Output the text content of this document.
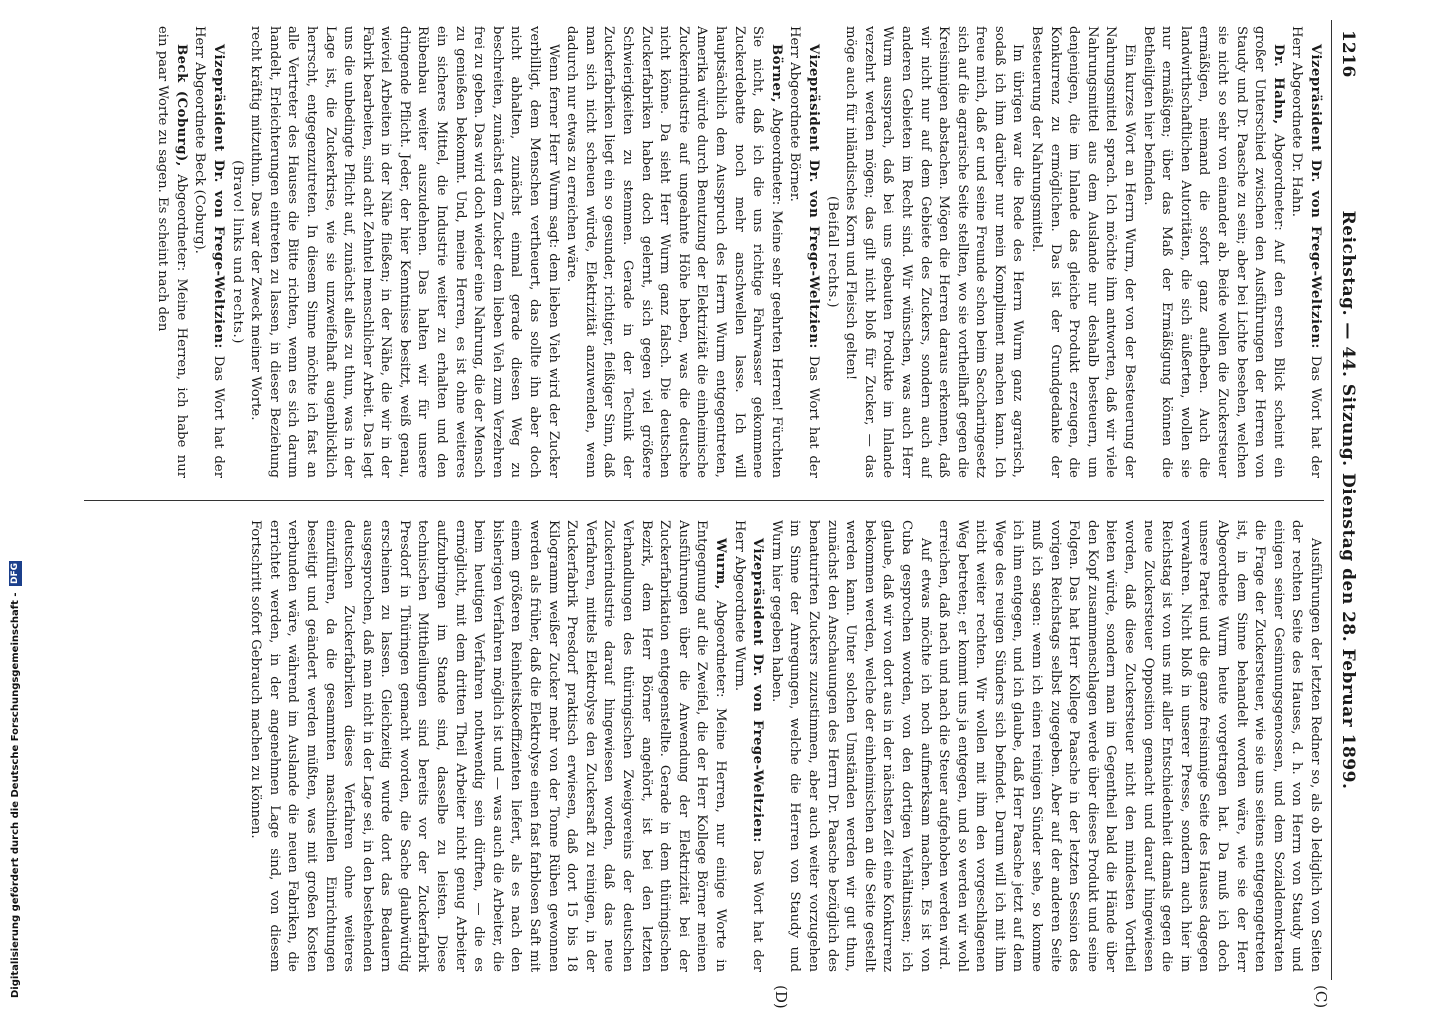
1216
Reichstag. — 44. Sitzung. Dienstag den 28. Februar 1899.
(C)
(D)

Vizepräsident Dr. von Frege-Weltzien: Das Wort hat der Herr Abgeordnete Dr. Hahn.

Dr. Hahn, Abgeordneter: Auf den ersten Blick scheint ein großer Unterschied zwischen den Ausführungen der Herren von Staudy und Dr. Paasche zu sein; aber bei Lichte besehen, welchen sie nicht so sehr von einander ab. Beide wollen die Zuckersteuer ermäßigen, niemand die sofort ganz aufheben. Auch die landwirthschaftlichen Autoritäten, die sich äußerten, wollen sie nur ermäßigen; über das Maß der Ermäßigung können die Betheiligten hier befinden.

Ein kurzes Wort an Herrn Wurm, der von der Besteuerung der Nahrungsmittel sprach. Ich möchte ihm antworten, daß wir viele Nahrungsmittel aus dem Auslande nur deshalb besteuern, um denjenigen, die im Inlande das gleiche Produkt erzeugen, die Konkurrenz zu ermöglichen. Das ist der Grundgedanke der Besteuerung der Nahrungsmittel.

Im übrigen war die Rede des Herrn Wurm ganz agrarisch, sodaß ich ihm darüber nur mein Kompliment machen kann. Ich freue mich, daß er und seine Freunde schon beim Saccharingesetz sich auf die agrarische Seite stellten, wo sie vortheilhaft gegen die Kreisinnigen abstachen. Mögen die Herren daraus erkennen, daß wir nicht nur auf dem Gebiete des Zuckers, sondern auch auf anderen Gebieten im Recht sind. Wir wünschen, was auch Herr Wurm aussprach, daß bei uns gebauten Produkte im Inlande verzehrt werden mögen; das gilt nicht bloß für Zucker, — das möge auch für inländisches Korn und Fleisch gelten!

(Beifall rechts.)

Vizepräsident Dr. von Frege-Weltzien: Das Wort hat der Herr Abgeordnete Börner.

Börner, Abgeordneter: Meine sehr geehrten Herren! Fürchten Sie nicht, daß ich die uns richtige Fahrwasser gekommene Zuckerdebatte noch mehr anschwellen lasse. Ich will hauptsächlich dem Ausspruch des Herrn Wurm entgegentreten, Amerika würde durch Benutzung der Elektrizität die einheimische Zuckerindustrie auf ungeahnte Höhe heben, was die deutsche nicht könne. Da sieht Herr Wurm ganz falsch. Die deutschen Zuckerfabriken haben doch gelernt, sich gegen viel größere Schwierigkeiten zu stemmen. Gerade in der Technik der Zuckerfabriken liegt ein so gesunder, richtiger, fleißiger Sinn, daß man sich nicht scheuen würde, Elektrizität anzuwenden, wenn dadurch nur etwas zu erreichen wäre.

Wenn ferner Herr Wurm sagt: dem lieben Vieh wird der Zucker verbilligt, dem Menschen vertheuert, das sollte ihn aber doch nicht abhalten, zunächst einmal gerade diesen Weg zu beschreiten, zunächst dem Zucker dem lieben Vieh zum Verzehren frei zu geben. Das wird doch wieder eine Nahrung, die der Mensch zu genießen bekommt. Und, meine Herren, es ist ohne weiteres ein sicheres Mittel, die Industrie weiter zu erhalten und den Rübenbau weiter auszudehnen. Das halten wir für unsere dringende Pflicht. Jeder, der hier Kenntnisse besitzt, weiß genau, wieviel Arbeiten in der Nähe fließen; in der Nähe, die wir in der Fabrik bearbeiten, sind acht Zehntel menschlicher Arbeit. Das legt uns die unbedingte Pflicht auf, zunächst alles zu thun, was in der Lage ist, die Zuckerkrise, wie sie unzweifelhaft augenblicklich herrscht, entgegenzutreten. In diesem Sinne möchte ich fast an alle Vertreter des Hauses die Bitte richten, wenn es sich darum handelt, Erleichterungen eintreten zu lassen, in dieser Beziehung recht kräftig mitzuthun. Das war der Zweck meiner Worte.

(Bravo! links und rechts.)

Vizepräsident Dr. von Frege-Weltzien: Das Wort hat der Herr Abgeordnete Beck (Coburg).

Beck (Coburg), Abgeordneter: Meine Herren, ich habe nur ein paar Worte zu sagen. Es scheint nach den

Ausführungen der letzten Redner so, als ob lediglich von Seiten der rechten Seite des Hauses, d. h. von Herrn von Staudy und einigen seiner Gesinnungsgenossen, und dem Sozialdemokraten die Frage der Zuckersteuer, wie sie uns seitens entgegengetreten ist, in dem Sinne behandelt worden wäre, wie sie der Herr Abgeordnete Wurm heute vorgetragen hat. Da muß ich doch unsere Partei und die ganze freisinnige Seite des Hauses dagegen verwahren. Nicht bloß in unserer Presse, sondern auch hier im Reichstag ist von uns mit aller Entschiedenheit damals gegen die neue Zuckersteuer Opposition gemacht und darauf hingewiesen worden, daß diese Zuckersteuer nicht den mindesten Vortheil bieten würde, sondern man im Gegentheil bald die Hände über den Kopf zusammenschlagen werde über dieses Produkt und seine Folgen. Das hat Herr Kollege Paasche in der letzten Session des vorigen Reichstags selbst zugegeben. Aber auf der anderen Seite muß ich sagen: wenn ich einen reinigen Sünder sehe, so komme ich ihm entgegen, und ich glaube, daß Herr Paasche jetzt auf dem Wege des reuigen Sünders sich befindet. Darum will ich mit ihm nicht weiter rechten. Wir wollen mit ihm den vorgeschlagenen Weg betreten; er kommt uns ja entgegen, und so werden wir wohl erreichen, daß nach und nach die Steuer aufgehoben werden wird.

Auf etwas möchte ich noch aufmerksam machen. Es ist von Cuba gesprochen worden, von den dortigen Verhältnissen; ich glaube, daß wir von dort aus in der nächsten Zeit eine Konkurrenz bekommen werden, welche der einheimischen an die Seite gestellt werden kann. Unter solchen Umständen werden wir gut thun, zunächst den Anschauungen des Herrn Dr. Paasche bezüglich des benaturirten Zuckers zuzustimmen, aber auch weiter vorzugehen im Sinne der Anregungen, welche die Herren von Staudy und Wurm hier gegeben haben.

Vizepräsident Dr. von Frege-Weltzien: Das Wort hat der Herr Abgeordnete Wurm.

Wurm, Abgeordneter: Meine Herren, nur einige Worte in Entgegnung auf die Zweifel, die der Herr Kollege Börner meinen Ausführungen über die Anwendung der Elektrizität bei der Zuckerfabrikation entgegenstellte. Gerade in dem thüringischen Bezirk, dem Herr Börner angehört, ist bei den letzten Verhandlungen des thüringischen Zweigvereins der deutschen Zuckerindustrie darauf hingewiesen worden, daß das neue Verfahren, mittels Elektrolyse den Zuckersaft zu reinigen, in der Zuckerfabrik Presdorf praktisch erwiesen, daß dort 15 bis 18 Kilogramm weißer Zucker mehr von der Tonne Rüben gewonnen werden als früher, daß die Elektrolyse einen fast farblosen Saft mit einem größeren Reinheitskoeffizienten liefert, als es nach den bisherigen Verfahren möglich ist und — was auch die Arbeiter, die beim heutigen Verfahren nothwendig sein dürften, — die es ermöglicht, mit dem dritten Theil Arbeiter nicht genug Arbeiter aufzubringen im Stande sind, dasselbe zu leisten. Diese technischen Mittheilungen sind bereits vor der Zuckerfabrik Presdorf in Thüringen gemacht worden, die Sache glaubwürdig erscheinen zu lassen. Gleichzeitig wurde dort das Bedauern ausgesprochen, daß man nicht in der Lage sei, in den bestehenden deutschen Zuckerfabriken dieses Verfahren ohne weiteres einzuführen, da die gesammten maschinellen Einrichtungen beseitigt und geändert werden müßten, was mit großen Kosten verbunden wäre, während im Auslande die neuen Fabriken, die errichtet werden, in der angenehmen Lage sind, von diesem Fortschritt sofort Gebrauch machen zu können.

Digitalisierung gefördert durch die Deutsche Forschungsgemeinschaft - DFG
